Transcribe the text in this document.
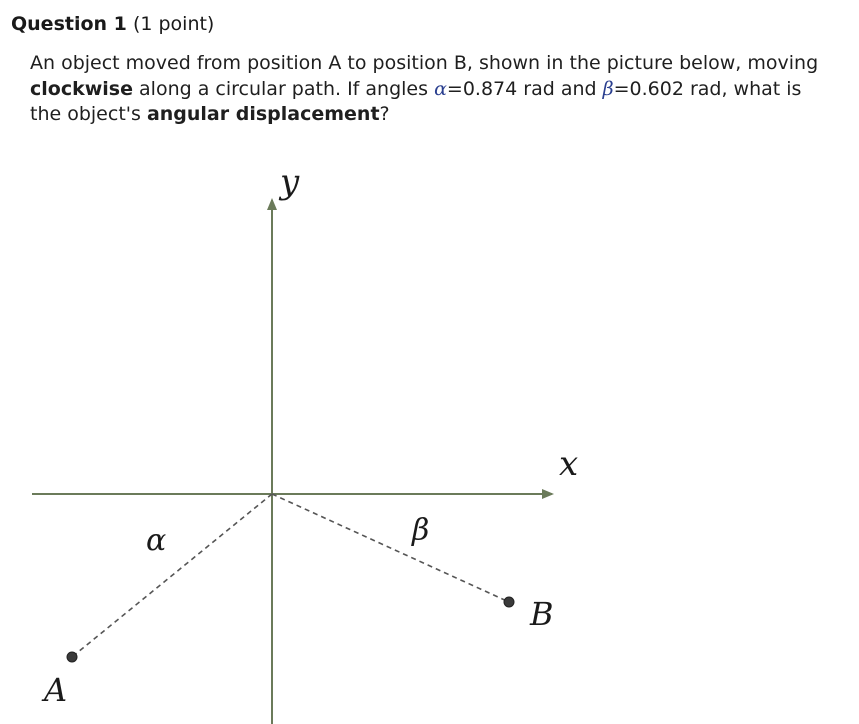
Question 1 (1 point)
An object moved from position A to position B, shown in the picture below, moving clockwise along a circular path. If angles α=0.874 rad and β=0.602 rad, what is the object's angular displacement?
y
x
α	β
A
B
